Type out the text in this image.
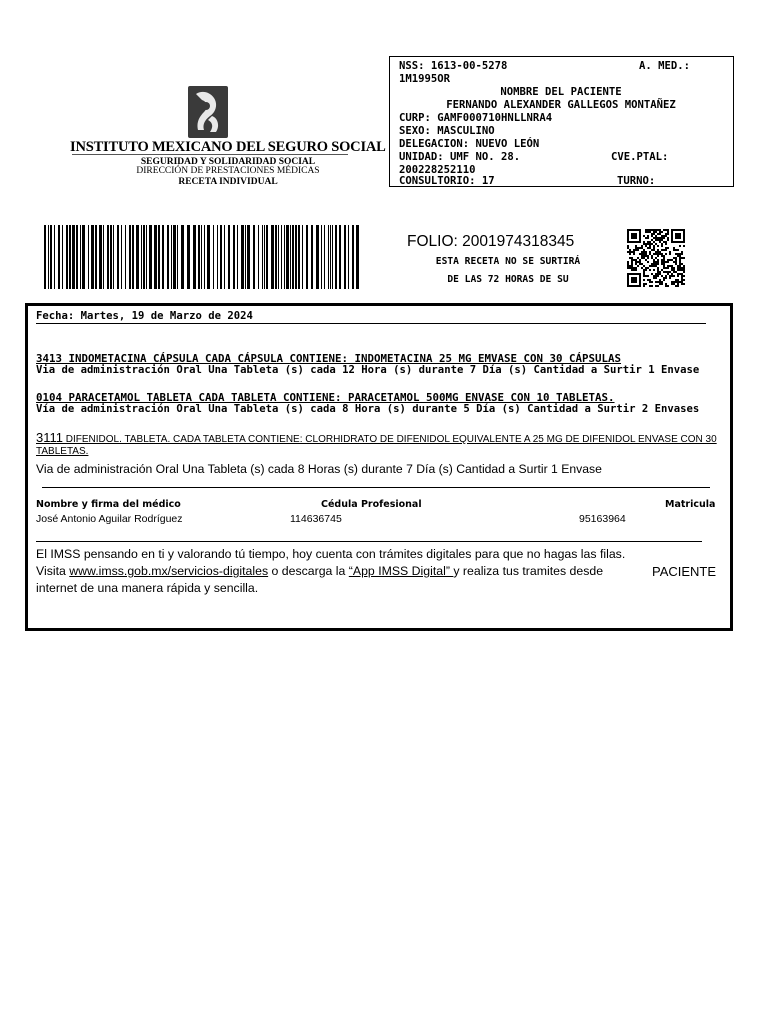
INSTITUTO MEXICANO DEL SEGURO SOCIAL
SEGURIDAD Y SOLIDARIDAD SOCIAL
DIRECCIÓN DE PRESTACIONES MÉDICAS
RECETA INDIVIDUAL
NSS: 1613-00-5278	A. MED.:
1M1995OR
NOMBRE DEL PACIENTE
FERNANDO ALEXANDER GALLEGOS MONTAÑEZ
CURP: GAMF000710HNLLNRA4
SEXO: MASCULINO
DELEGACION: NUEVO LEÓN
UNIDAD: UMF NO. 28.	CVE.PTAL:
200228252110
CONSULTORIO: 17	TURNO:
FOLIO: 2001974318345
ESTA RECETA NO SE SURTIRÁ
DE LAS 72 HORAS DE SU
Fecha: Martes, 19 de Marzo de 2024
3413 INDOMETACINA CÁPSULA CADA CÁPSULA CONTIENE: INDOMETACINA 25 MG EMVASE CON 30 CÁPSULAS
Via de administración Oral Una Tableta (s) cada 12 Hora (s) durante 7 Día (s) Cantidad a Surtir 1 Envase
0104 PARACETAMOL TABLETA CADA TABLETA CONTIENE: PARACETAMOL 500MG ENVASE CON 10 TABLETAS.
Vía de administración Oral Una Tableta (s) cada 8 Hora (s) durante 5 Día (s) Cantidad a Surtir 2 Envases
3111 DIFENIDOL. TABLETA. CADA TABLETA CONTIENE: CLORHIDRATO DE DIFENIDOL EQUIVALENTE A 25 MG DE DIFENIDOL ENVASE CON 30
TABLETAS.
Via de administración Oral Una Tableta (s) cada 8 Horas (s) durante 7 Día (s) Cantidad a Surtir 1 Envase
Nombre y firma del médico	Cédula Profesional	Matricula
José Antonio Aguilar Rodríguez	114636745	95163964
El IMSS pensando en ti y valorando tú tiempo, hoy cuenta con trámites digitales para que no hagas las filas.
Visita www.imss.gob.mx/servicios-digitales o descarga la “App IMSS Digital” y realiza tus tramites desde
internet de una manera rápida y sencilla.
PACIENTE
